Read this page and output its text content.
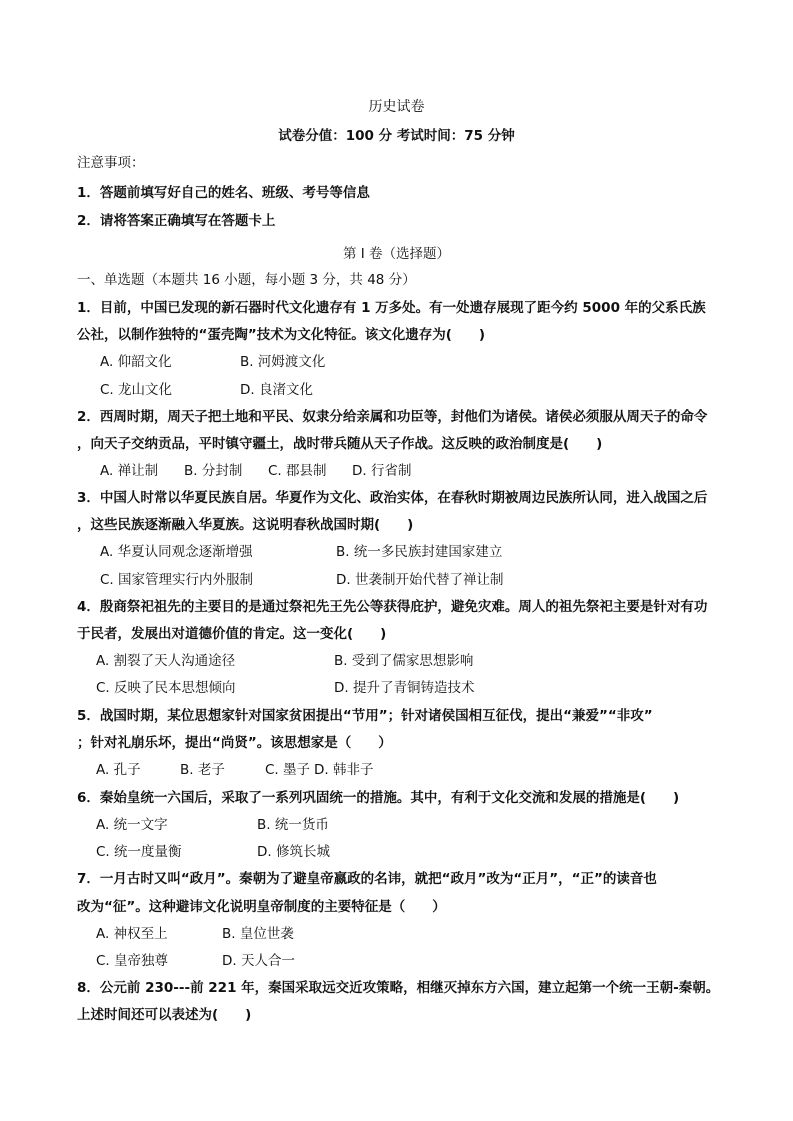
历史试卷
试卷分值：100 分 考试时间：75 分钟
注意事项：
1．答题前填写好自己的姓名、班级、考号等信息
2．请将答案正确填写在答题卡上
第 I 卷（选择题）
一、单选题（本题共 16 小题，每小题 3 分，共 48 分）
1．目前，中国已发现的新石器时代文化遗存有 1 万多处。有一处遗存展现了距今约 5000 年的父系氏族
公社，以制作独特的“蛋壳陶”技术为文化特征。该文化遗存为(　　)
A. 仰韶文化	B. 河姆渡文化
C. 龙山文化	D. 良渚文化
2．西周时期，周天子把土地和平民、奴隶分给亲属和功臣等，封他们为诸侯。诸侯必须服从周天子的命令
，向天子交纳贡品，平时镇守疆土，战时带兵随从天子作战。这反映的政治制度是(　　)
A. 禅让制 B. 分封制 C. 郡县制 D. 行省制
3．中国人时常以华夏民族自居。华夏作为文化、政治实体，在春秋时期被周边民族所认同，进入战国之后
，这些民族逐渐融入华夏族。这说明春秋战国时期(　　)
A. 华夏认同观念逐渐增强	B. 统一多民族封建国家建立
C. 国家管理实行内外服制	D. 世袭制开始代替了禅让制
4．殷商祭祀祖先的主要目的是通过祭祀先王先公等获得庇护，避免灾难。周人的祖先祭祀主要是针对有功
于民者，发展出对道德价值的肯定。这一变化(　　)
A. 割裂了天人沟通途径	B. 受到了儒家思想影响
C. 反映了民本思想倾向	D. 提升了青铜铸造技术
5．战国时期，某位思想家针对国家贫困提出“节用”；针对诸侯国相互征伐，提出“兼爱”“非攻”
；针对礼崩乐坏，提出“尚贤”。该思想家是（　　）
A. 孔子	B. 老子	C. 墨子 D. 韩非子
6．秦始皇统一六国后，采取了一系列巩固统一的措施。其中，有利于文化交流和发展的措施是(　　)
A. 统一文字	B. 统一货币
C. 统一度量衡	D. 修筑长城
7．一月古时又叫“政月”。秦朝为了避皇帝嬴政的名讳，就把“政月”改为“正月”，“正”的读音也
改为“征”。这种避讳文化说明皇帝制度的主要特征是（　　）
A. 神权至上	B. 皇位世袭
C. 皇帝独尊	D. 天人合一
8．公元前 230---前 221 年，秦国采取远交近攻策略，相继灭掉东方六国，建立起第一个统一王朝-秦朝。
上述时间还可以表述为(　　)
